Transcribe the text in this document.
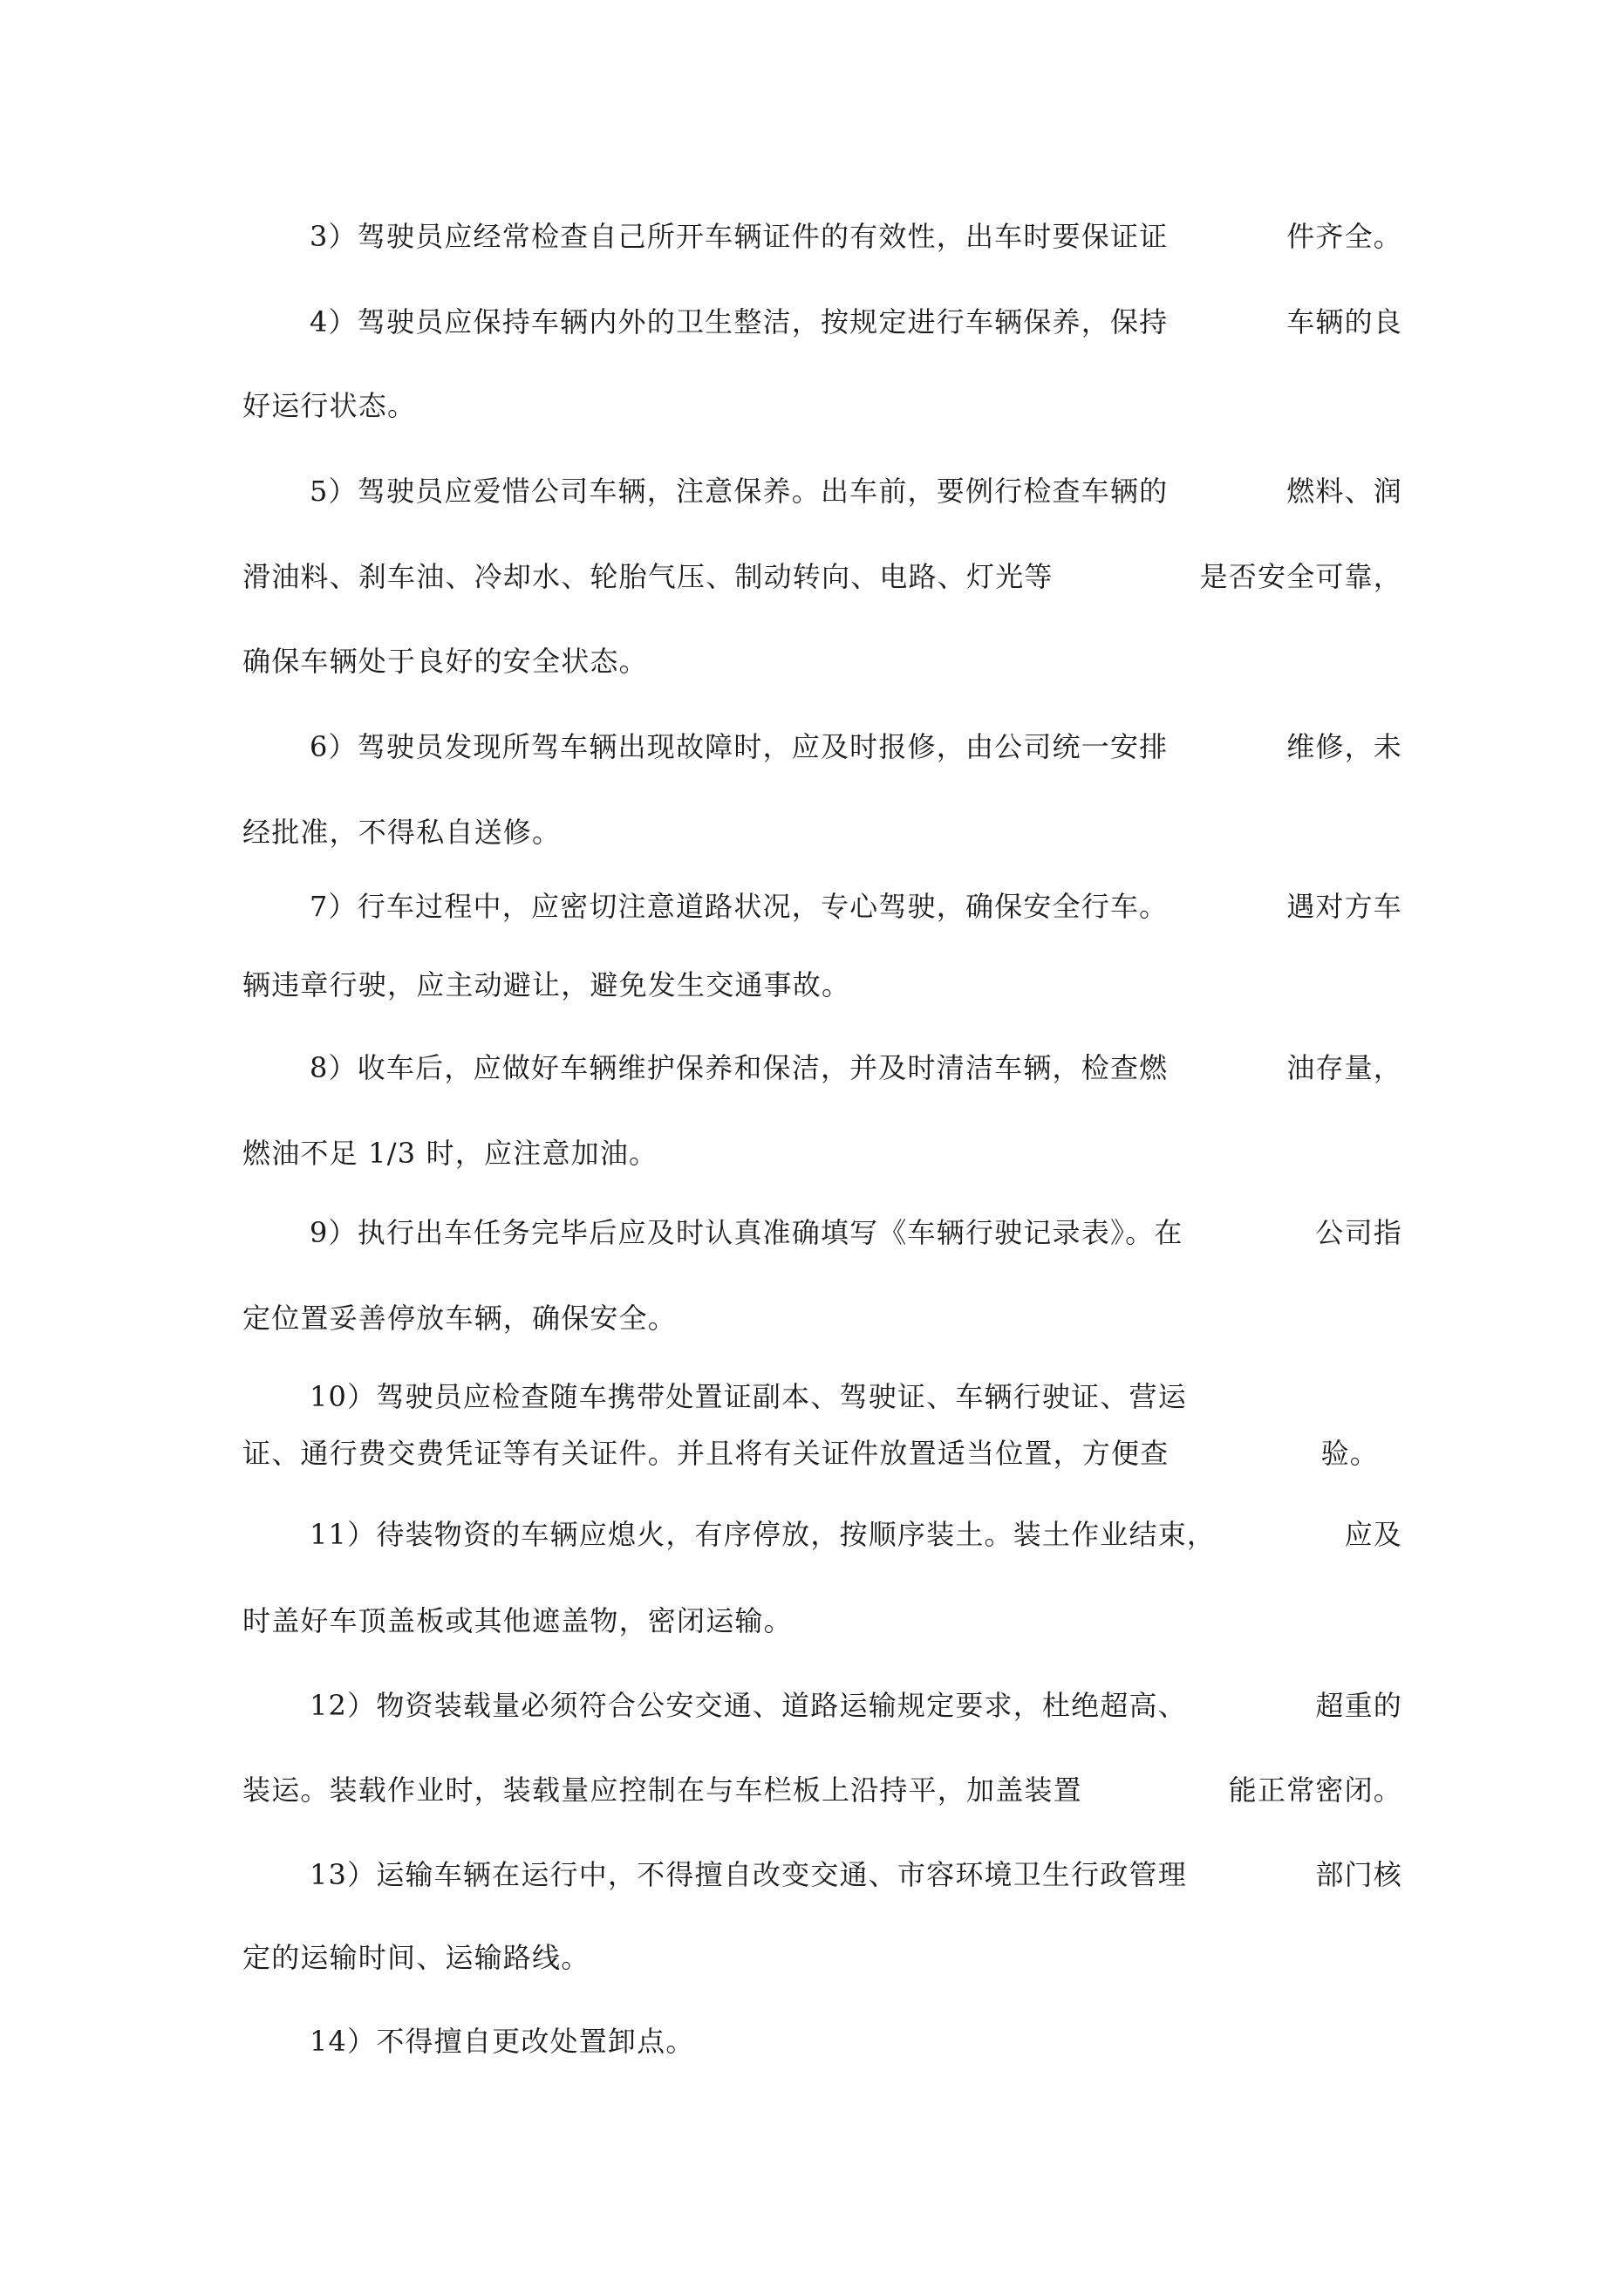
3）驾驶员应经常检查自己所开车辆证件的有效性，出车时要保证证	件齐全。
4）驾驶员应保持车辆内外的卫生整洁，按规定进行车辆保养，保持	车辆的良
好运行状态。
5）驾驶员应爱惜公司车辆，注意保养。出车前，要例行检查车辆的	燃料、润
滑油料、刹车油、冷却水、轮胎气压、制动转向、电路、灯光等	是否安全可靠，
确保车辆处于良好的安全状态。
6）驾驶员发现所驾车辆出现故障时，应及时报修，由公司统一安排	维修，未
经批准，不得私自送修。
7）行车过程中，应密切注意道路状况，专心驾驶，确保安全行车。	遇对方车
辆违章行驶，应主动避让，避免发生交通事故。
8）收车后，应做好车辆维护保养和保洁，并及时清洁车辆，检查燃	油存量，
燃油不足 1/3 时，应注意加油。
9）执行出车任务完毕后应及时认真准确填写《车辆行驶记录表》。在	公司指
定位置妥善停放车辆，确保安全。
10）驾驶员应检查随车携带处置证副本、驾驶证、车辆行驶证、营运
证、通行费交费凭证等有关证件。并且将有关证件放置适当位置，方便查	验。
11）待装物资的车辆应熄火，有序停放，按顺序装土。装土作业结束，	应及
时盖好车顶盖板或其他遮盖物，密闭运输。
12）物资装载量必须符合公安交通、道路运输规定要求，杜绝超高、	超重的
装运。装载作业时，装载量应控制在与车栏板上沿持平，加盖装置	能正常密闭。
13）运输车辆在运行中，不得擅自改变交通、市容环境卫生行政管理	部门核
定的运输时间、运输路线。
14）不得擅自更改处置卸点。
